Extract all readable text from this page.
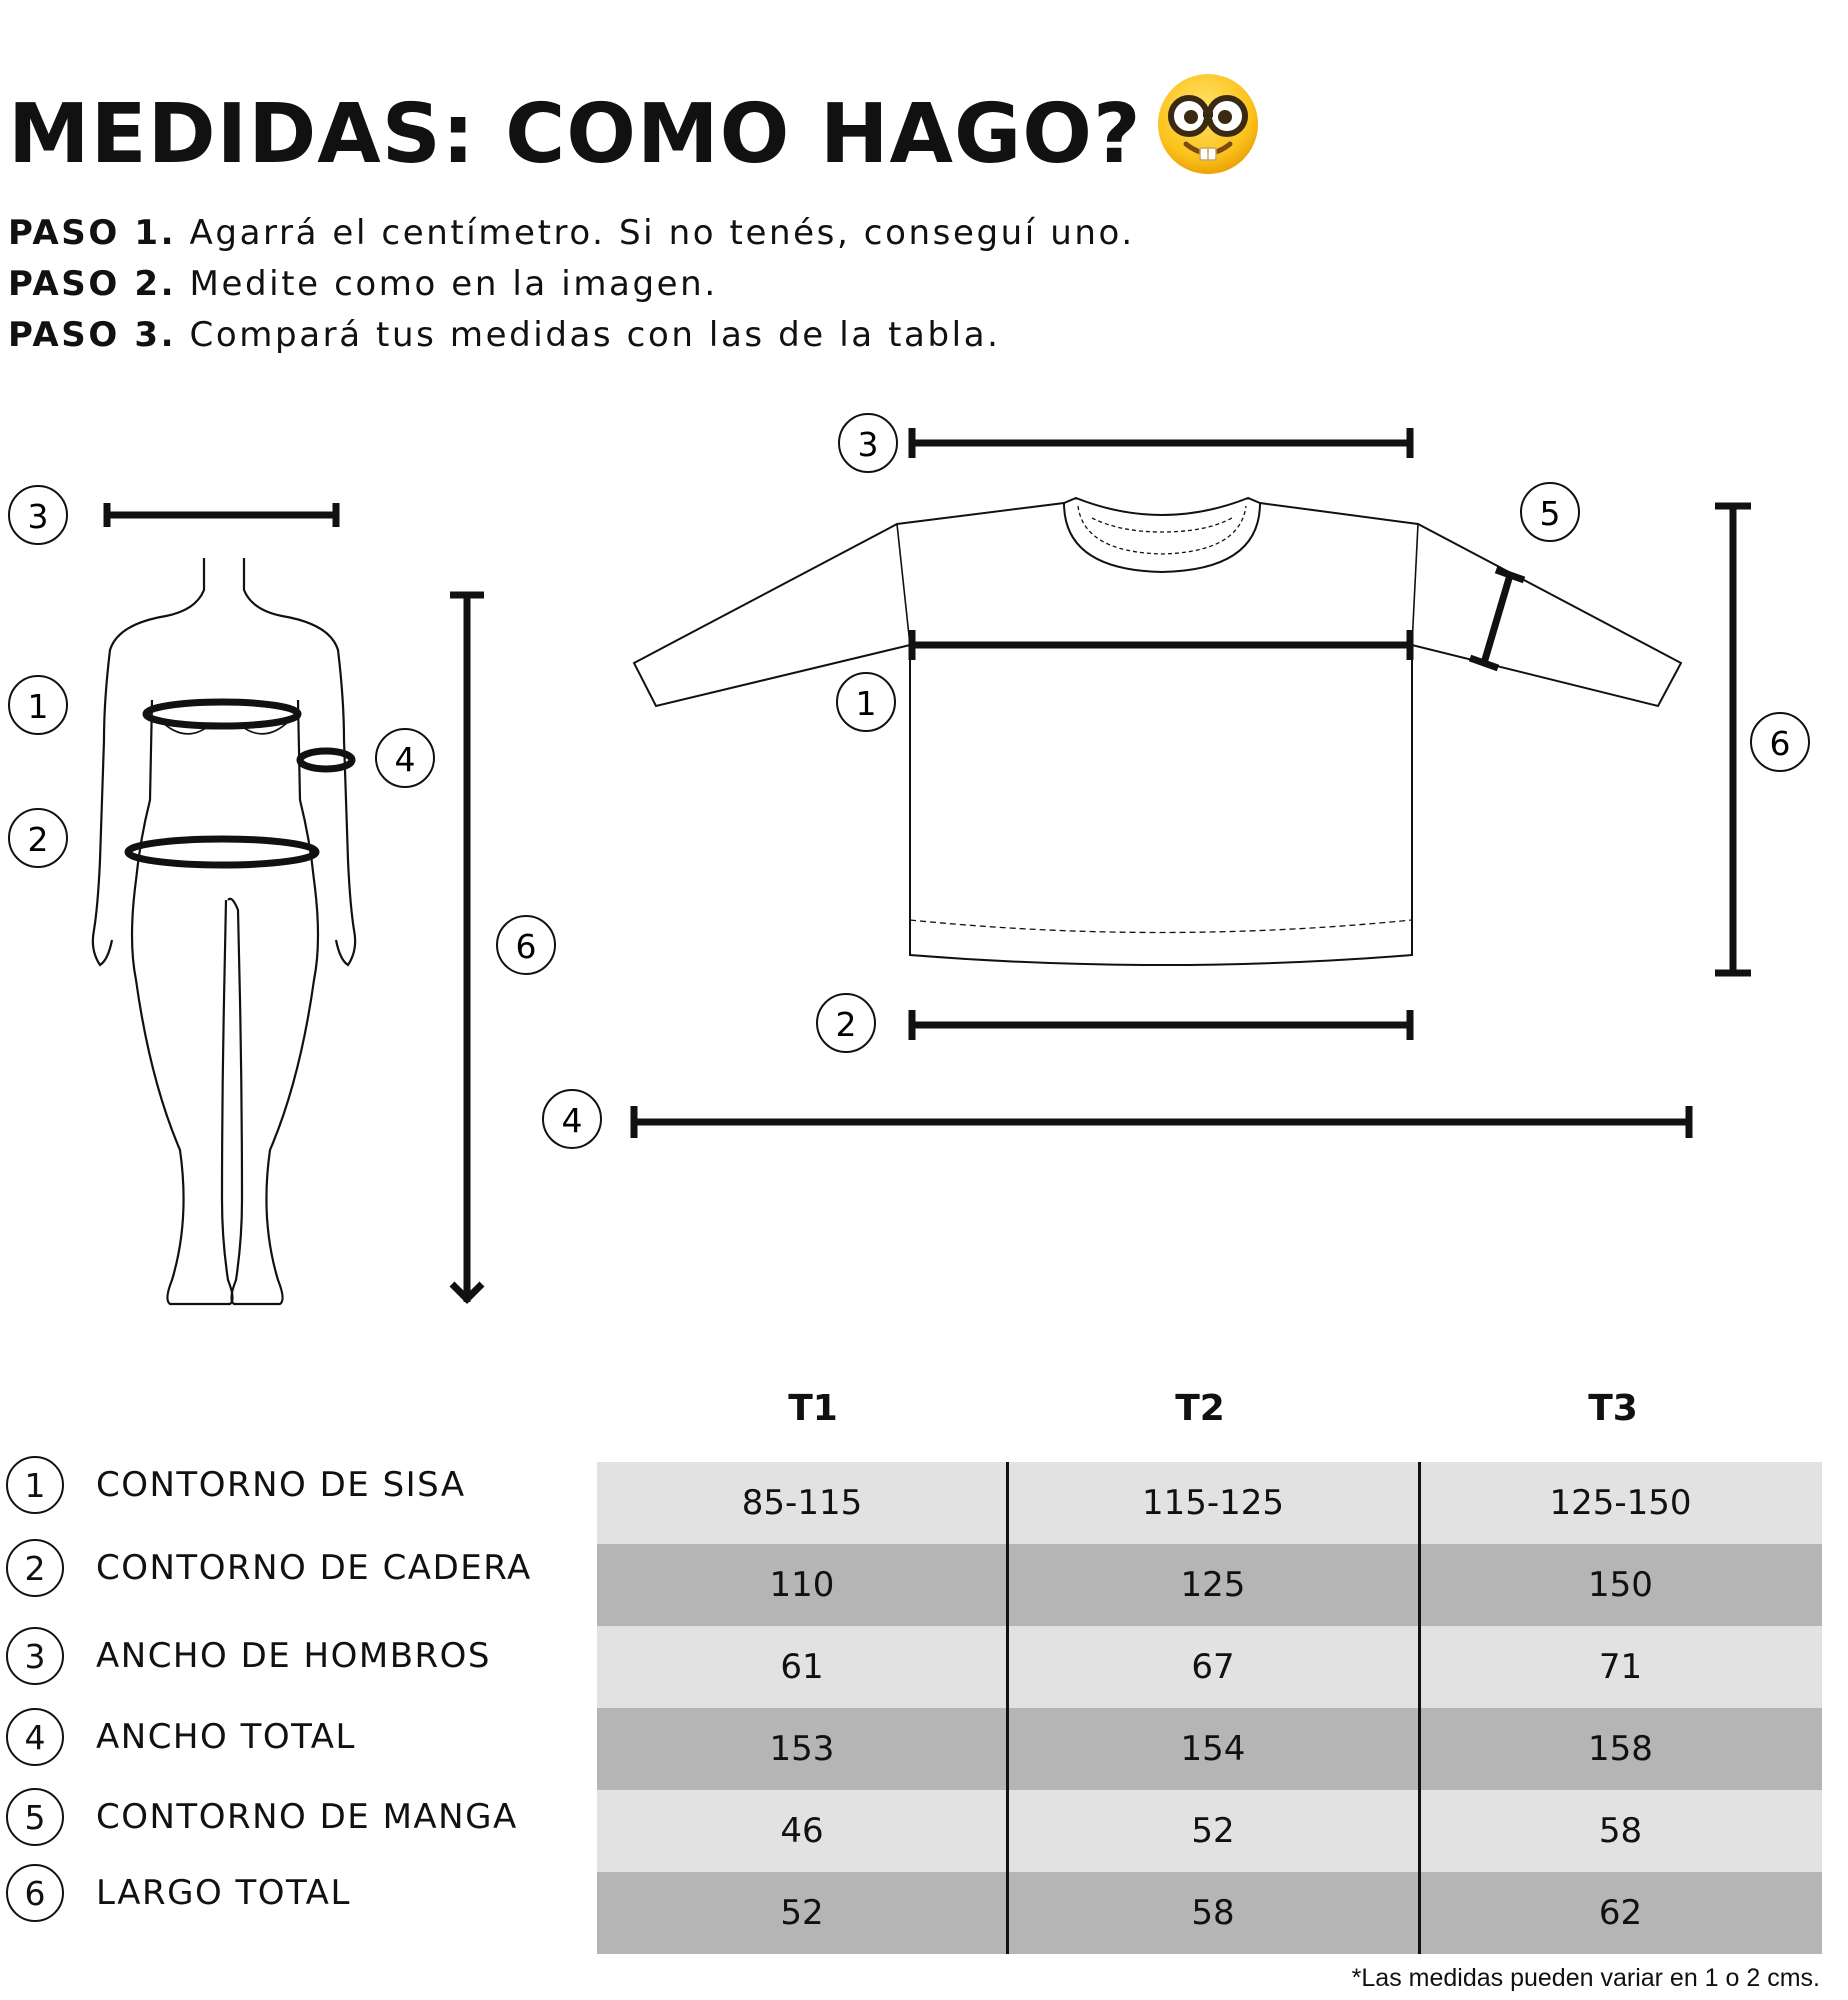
MEDIDAS: COMO HAGO?
PASO 1. Agarrá el centímetro. Si no tenés, conseguí uno.
PASO 2. Medite como en la imagen.
PASO 3. Compará tus medidas con las de la tabla.
3
1
2
4
6
3
5
1
6
2
4
T1	T2	T3
1	CONTORNO DE SISA
2	CONTORNO DE CADERA
3	ANCHO DE HOMBROS
4	ANCHO TOTAL
5	CONTORNO DE MANGA
6	LARGO TOTAL
85-115	115-125	125-150
110	125	150
61	67	71
153	154	158
46	52	58
52	58	62
*Las medidas pueden variar en 1 o 2 cms.
